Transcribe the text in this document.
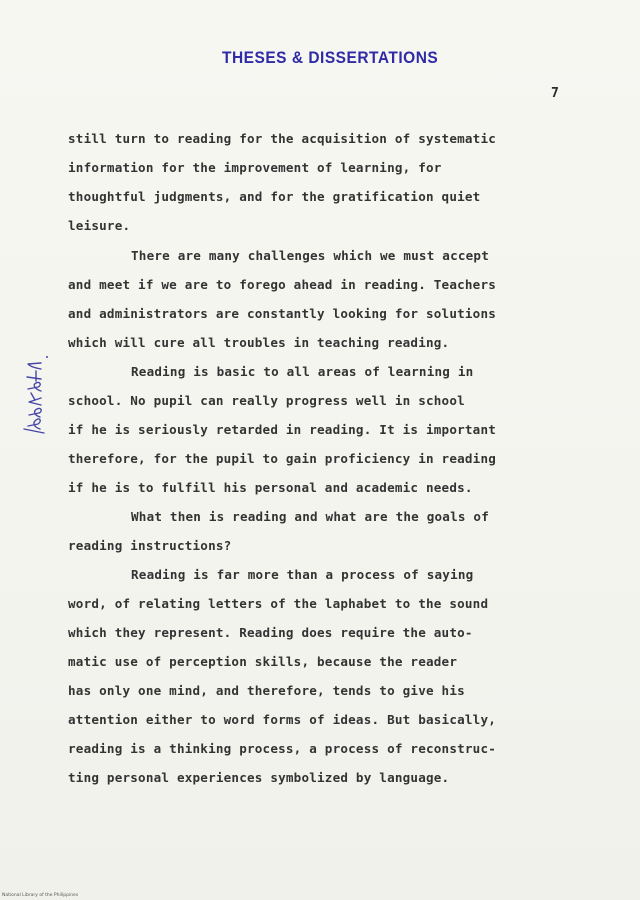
THESES & DISSERTATIONS
7
still turn to reading for the acquisition of systematic
information for the improvement of learning, for
thoughtful judgments, and for the gratification quiet
leisure.
There are many challenges which we must accept
and meet if we are to forego ahead in reading. Teachers
and administrators are constantly looking for solutions
which will cure all troubles in teaching reading.
Reading is basic to all areas of learning in
school. No pupil can really progress well in school
if he is seriously retarded in reading. It is important
therefore, for the pupil to gain proficiency in reading
if he is to fulfill his personal and academic needs.
What then is reading and what are the goals of
reading instructions?
Reading is far more than a process of saying
word, of relating letters of the laphabet to the sound
which they represent. Reading does require the auto-
matic use of perception skills, because the reader
has only one mind, and therefore, tends to give his
attention either to word forms of ideas. But basically,
reading is a thinking process, a process of reconstruc-
ting personal experiences symbolized by language.
National Library of the Philippines
